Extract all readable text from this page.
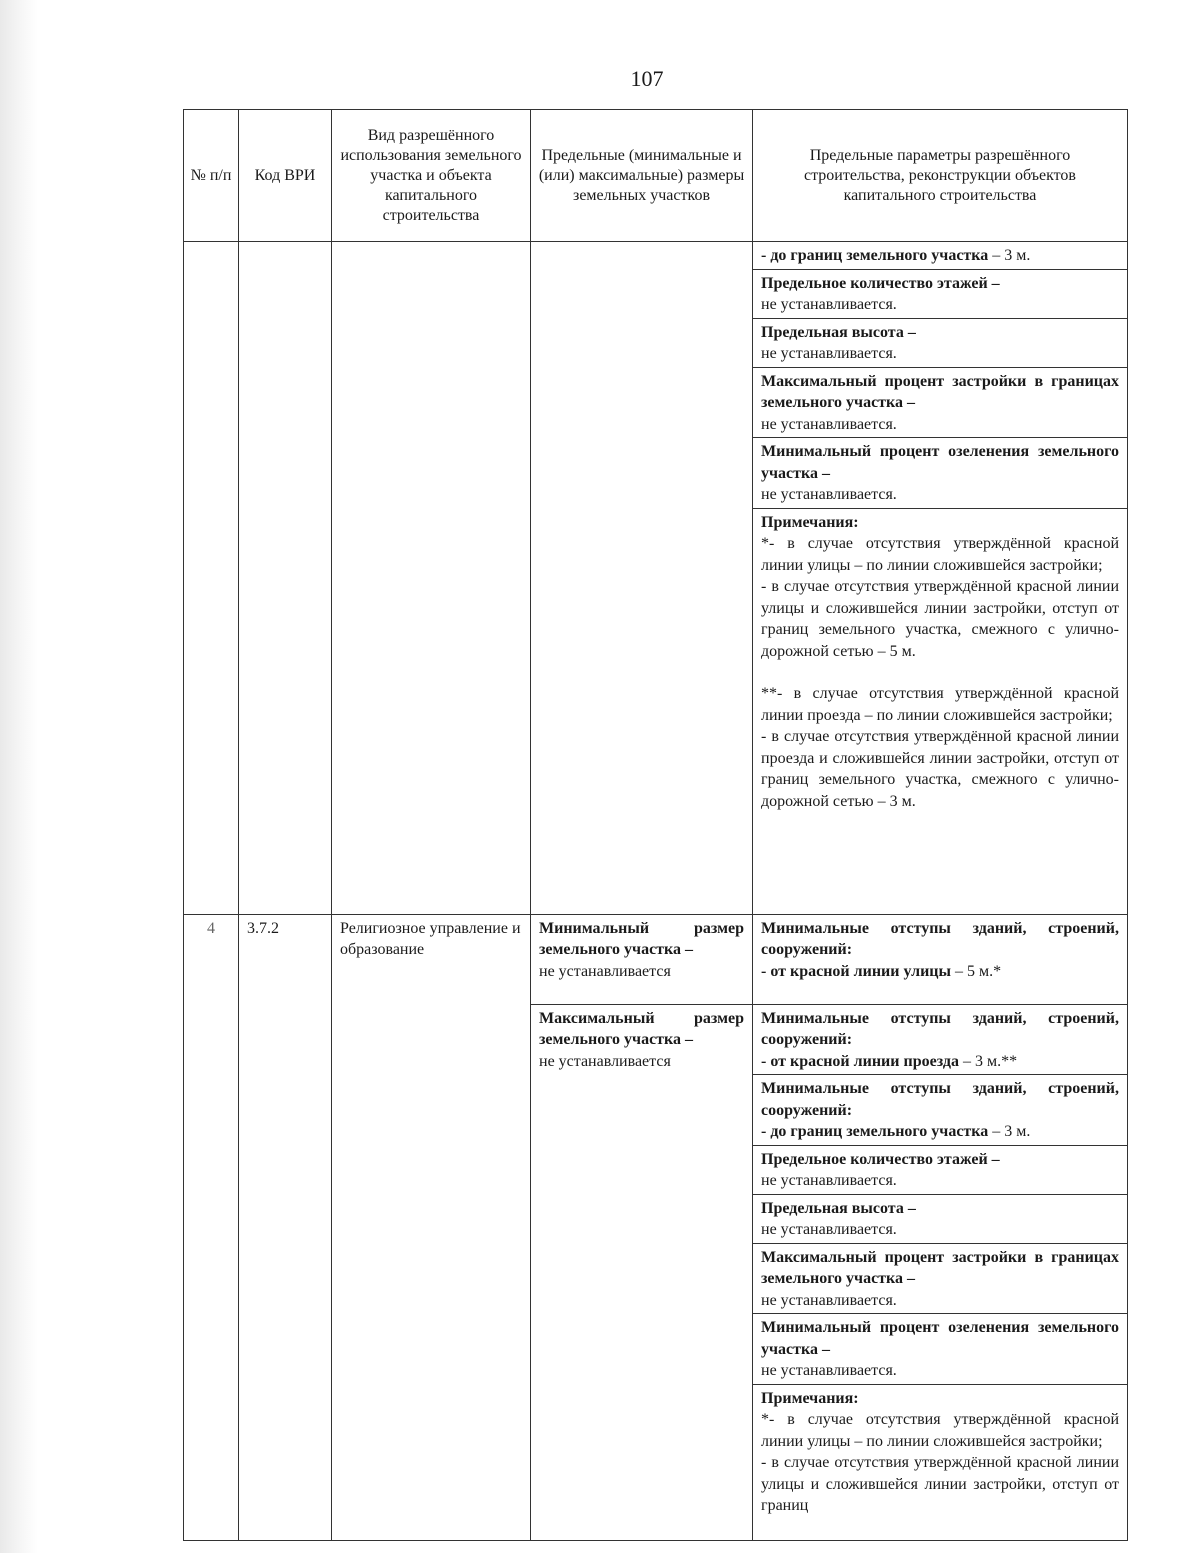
107
№ п/п	Код ВРИ	Вид разрешённого использования земельного участка и объекта капитального строительства	Предельные (минимальные и (или) максимальные) размеры земельных участков	Предельные параметры разрешённого строительства, реконструкции объектов капитального строительства
				- до границ земельного участка – 3 м.

				Предельное количество этажей –
не устанавливается.

				Предельная высота –
не устанавливается.

				Максимальный процент застройки в границах земельного участка –
не устанавливается.

				Минимальный процент озеленения земельного участка –
не устанавливается.

				Примечания:
*- в случае отсутствия утверждённой красной линии улицы – по линии сложившейся застройки;
- в случае отсутствия утверждённой красной линии улицы и сложившейся линии застройки, отступ от границ земельного участка, смежного с улично-дорожной сетью – 5 м.
**- в случае отсутствия утверждённой красной линии проезда – по линии сложившейся застройки;
- в случае отсутствия утверждённой красной линии проезда и сложившейся линии застройки, отступ от границ земельного участка, смежного с улично-дорожной сетью – 3 м.

4	3.7.2	Религиозное управление и образование	Минимальный размер земельного участка –
не устанавливается	Минимальные отступы зданий, строений, сооружений:
- от красной линии улицы – 5 м.*
			Максимальный размер земельного участка –
не устанавливается	Минимальные отступы зданий, строений, сооружений:
- от красной линии проезда – 3 м.**

				Минимальные отступы зданий, строений, сооружений:
- до границ земельного участка – 3 м.

				Предельное количество этажей –
не устанавливается.

				Предельная высота –
не устанавливается.

				Максимальный процент застройки в границах земельного участка –
не устанавливается.

				Минимальный процент озеленения земельного участка –
не устанавливается.

				Примечания:
*- в случае отсутствия утверждённой красной линии улицы – по линии сложившейся застройки;
- в случае отсутствия утверждённой красной линии улицы и сложившейся линии застройки, отступ от границ
